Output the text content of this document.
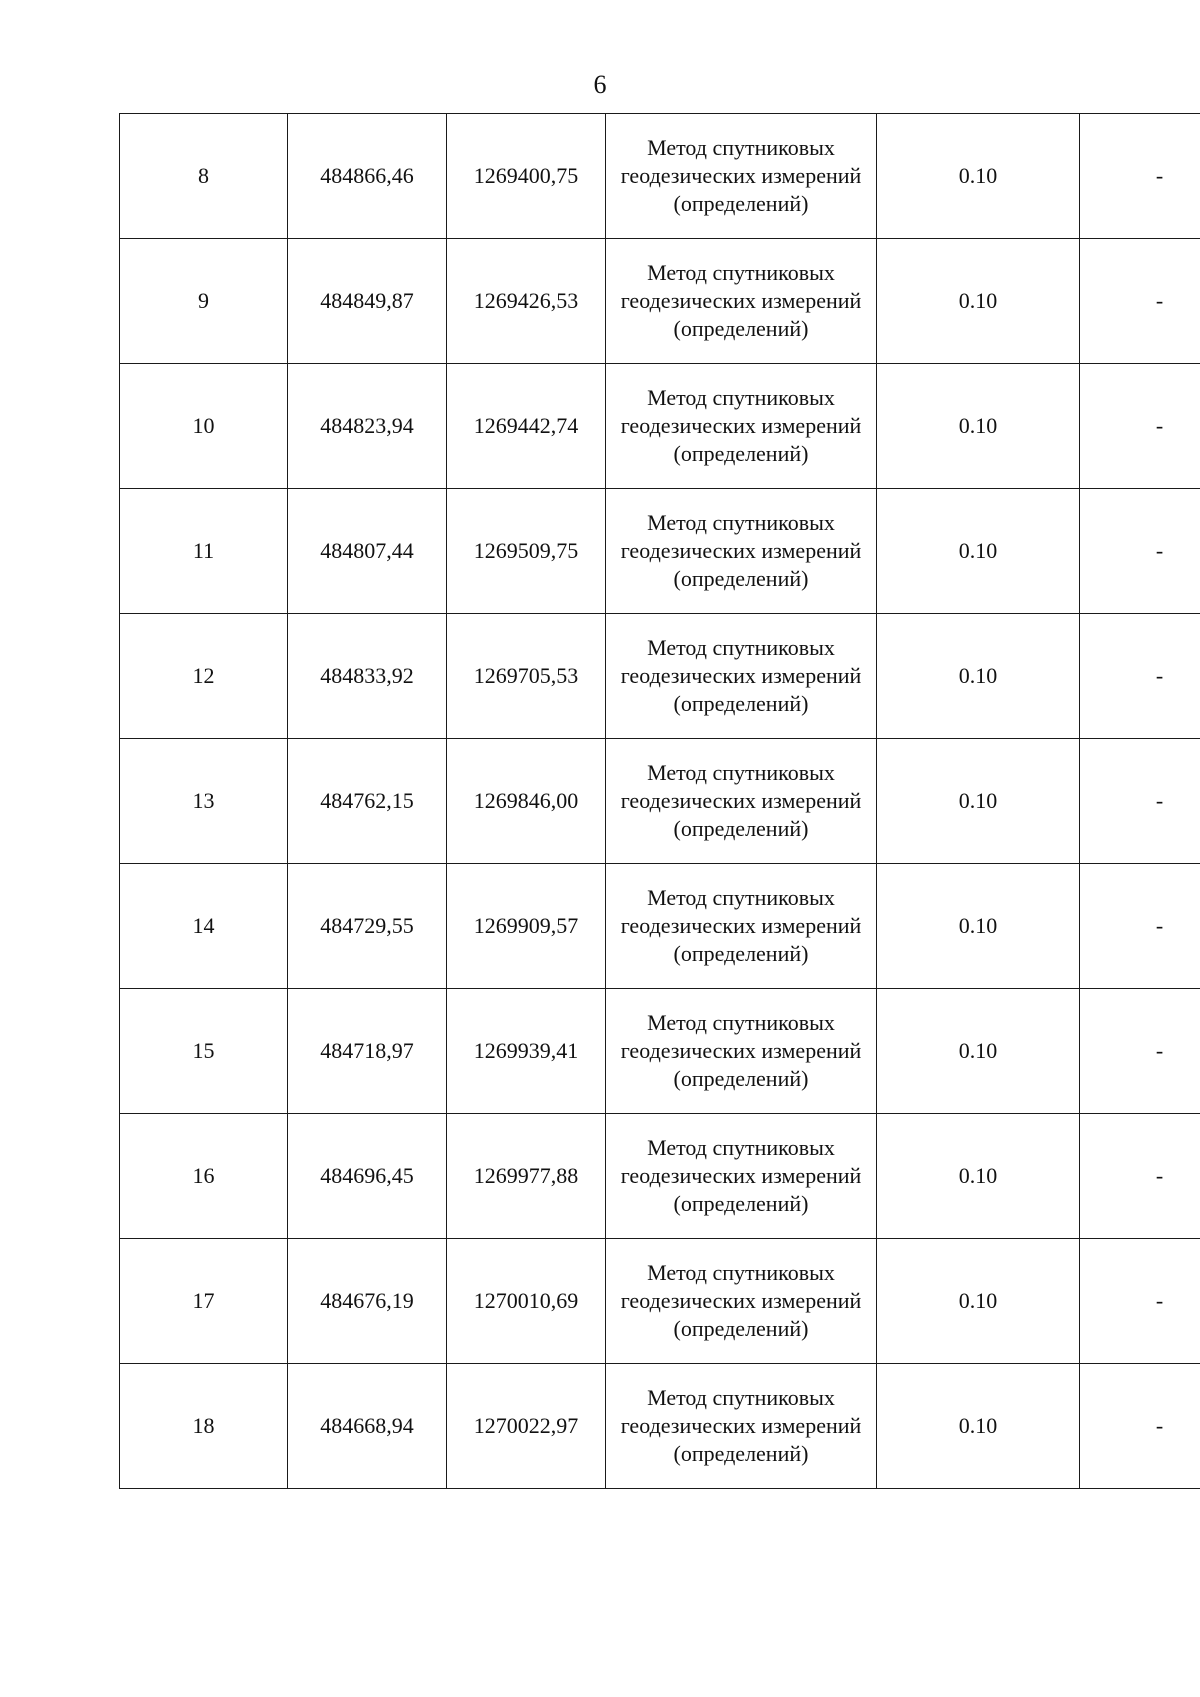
6
8	484866,46	1269400,75	Метод спутниковых геодезических измерений (определений)	0.10	-
9	484849,87	1269426,53	Метод спутниковых геодезических измерений (определений)	0.10	-
10	484823,94	1269442,74	Метод спутниковых геодезических измерений (определений)	0.10	-
11	484807,44	1269509,75	Метод спутниковых геодезических измерений (определений)	0.10	-
12	484833,92	1269705,53	Метод спутниковых геодезических измерений (определений)	0.10	-
13	484762,15	1269846,00	Метод спутниковых геодезических измерений (определений)	0.10	-
14	484729,55	1269909,57	Метод спутниковых геодезических измерений (определений)	0.10	-
15	484718,97	1269939,41	Метод спутниковых геодезических измерений (определений)	0.10	-
16	484696,45	1269977,88	Метод спутниковых геодезических измерений (определений)	0.10	-
17	484676,19	1270010,69	Метод спутниковых геодезических измерений (определений)	0.10	-
18	484668,94	1270022,97	Метод спутниковых геодезических измерений (определений)	0.10	-
